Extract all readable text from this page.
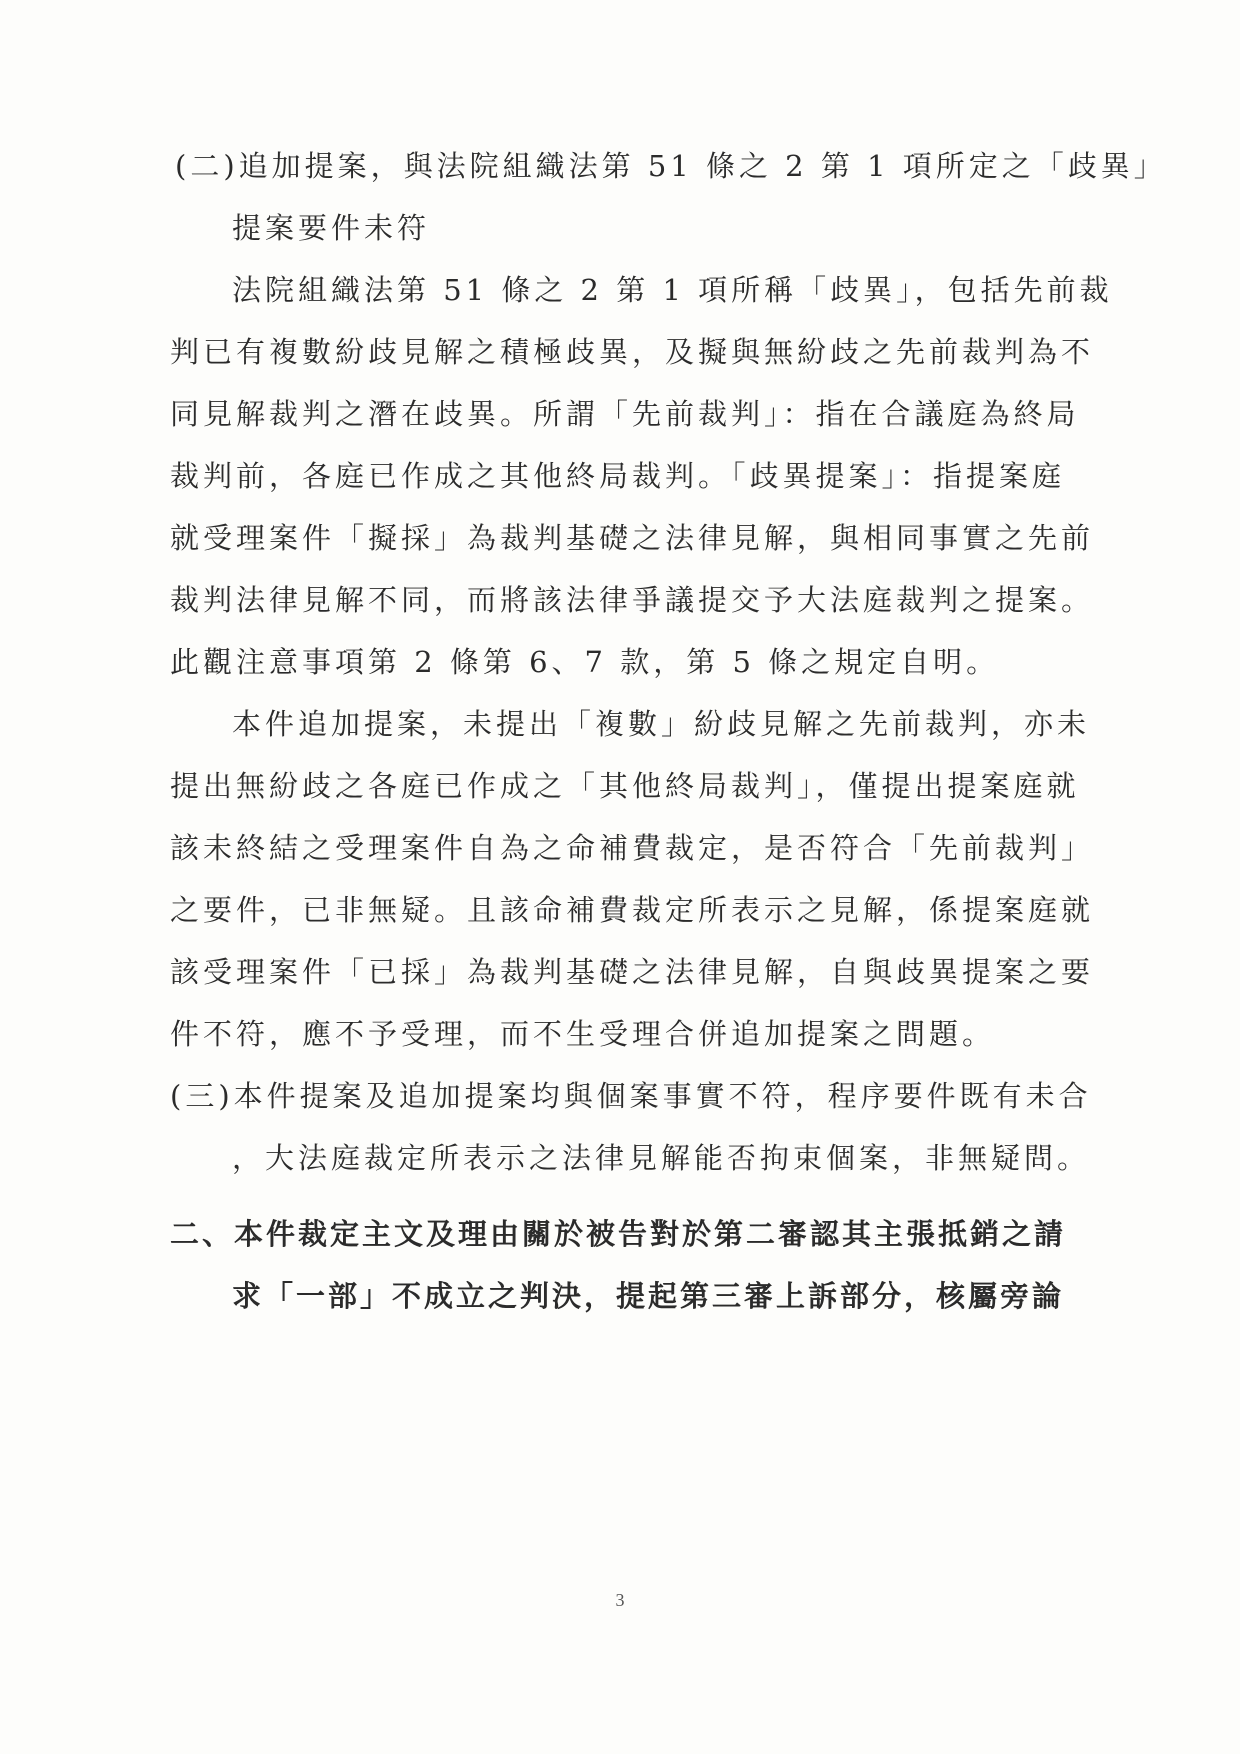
(二)追加提案，與法院組織法第 51 條之 2 第 1 項所定之「歧異」
提案要件未符
法院組織法第 51 條之 2 第 1 項所稱「歧異」，包括先前裁
判已有複數紛歧見解之積極歧異，及擬與無紛歧之先前裁判為不
同見解裁判之潛在歧異。所謂「先前裁判」：指在合議庭為終局
裁判前，各庭已作成之其他終局裁判。「歧異提案」：指提案庭
就受理案件「擬採」為裁判基礎之法律見解，與相同事實之先前
裁判法律見解不同，而將該法律爭議提交予大法庭裁判之提案。
此觀注意事項第 2 條第 6、7 款，第 5 條之規定自明。
本件追加提案，未提出「複數」紛歧見解之先前裁判，亦未
提出無紛歧之各庭已作成之「其他終局裁判」，僅提出提案庭就
該未終結之受理案件自為之命補費裁定，是否符合「先前裁判」
之要件，已非無疑。且該命補費裁定所表示之見解，係提案庭就
該受理案件「已採」為裁判基礎之法律見解，自與歧異提案之要
件不符，應不予受理，而不生受理合併追加提案之問題。
(三)本件提案及追加提案均與個案事實不符，程序要件既有未合
，大法庭裁定所表示之法律見解能否拘束個案，非無疑問。
二、本件裁定主文及理由關於被告對於第二審認其主張抵銷之請
求「一部」不成立之判決，提起第三審上訴部分，核屬旁論
3
